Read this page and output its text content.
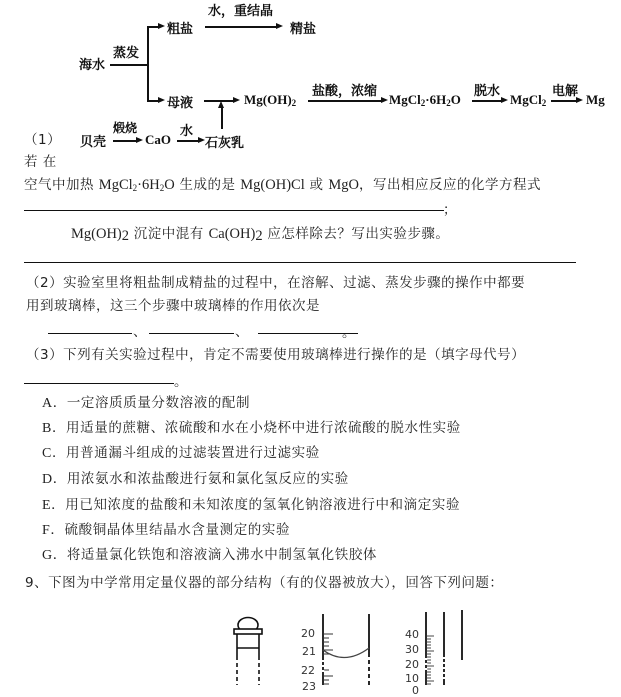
海水
蒸发
粗盐
水，重结晶
精盐
母液	$Mg(OH)_2$
盐酸，浓缩
$MgCl_2\cdot 6H_2O$
脱水
MgCl$_2$
电解
Mg
贝壳
煅烧
CaO
水
石灰乳
（1）
若 在
空气中加热 $MgCl_2\cdot 6H_2O$ 生成的是 Mg(OH)Cl 或 MgO，写出相应反应的化学方程式
；
$Mg(OH)_2$ 沉淀中混有 $Ca(OH)_2$ 应怎样除去？写出实验步骤。
（2）实验室里将粗盐制成精盐的过程中，在溶解、过滤、蒸发步骤的操作中都要
用到玻璃棒，这三个步骤中玻璃棒的作用依次是
、	、	。
（3）下列有关实验过程中，肯定不需要使用玻璃棒进行操作的是（填字母代号）
。
A．一定溶质质量分数溶液的配制
B．用适量的蔗糖、浓硫酸和水在小烧杯中进行浓硫酸的脱水性实验
C．用普通漏斗组成的过滤装置进行过滤实验
D．用浓氨水和浓盐酸进行氨和氯化氢反应的实验
E．用已知浓度的盐酸和未知浓度的氢氧化钠溶液进行中和滴定实验
F．硫酸铜晶体里结晶水含量测定的实验
G．将适量氯化铁饱和溶液滴入沸水中制氢氧化铁胶体
9、下图为中学常用定量仪器的部分结构（有的仪器被放大），回答下列问题：
20
21
22
23
40
30
20
10
0
